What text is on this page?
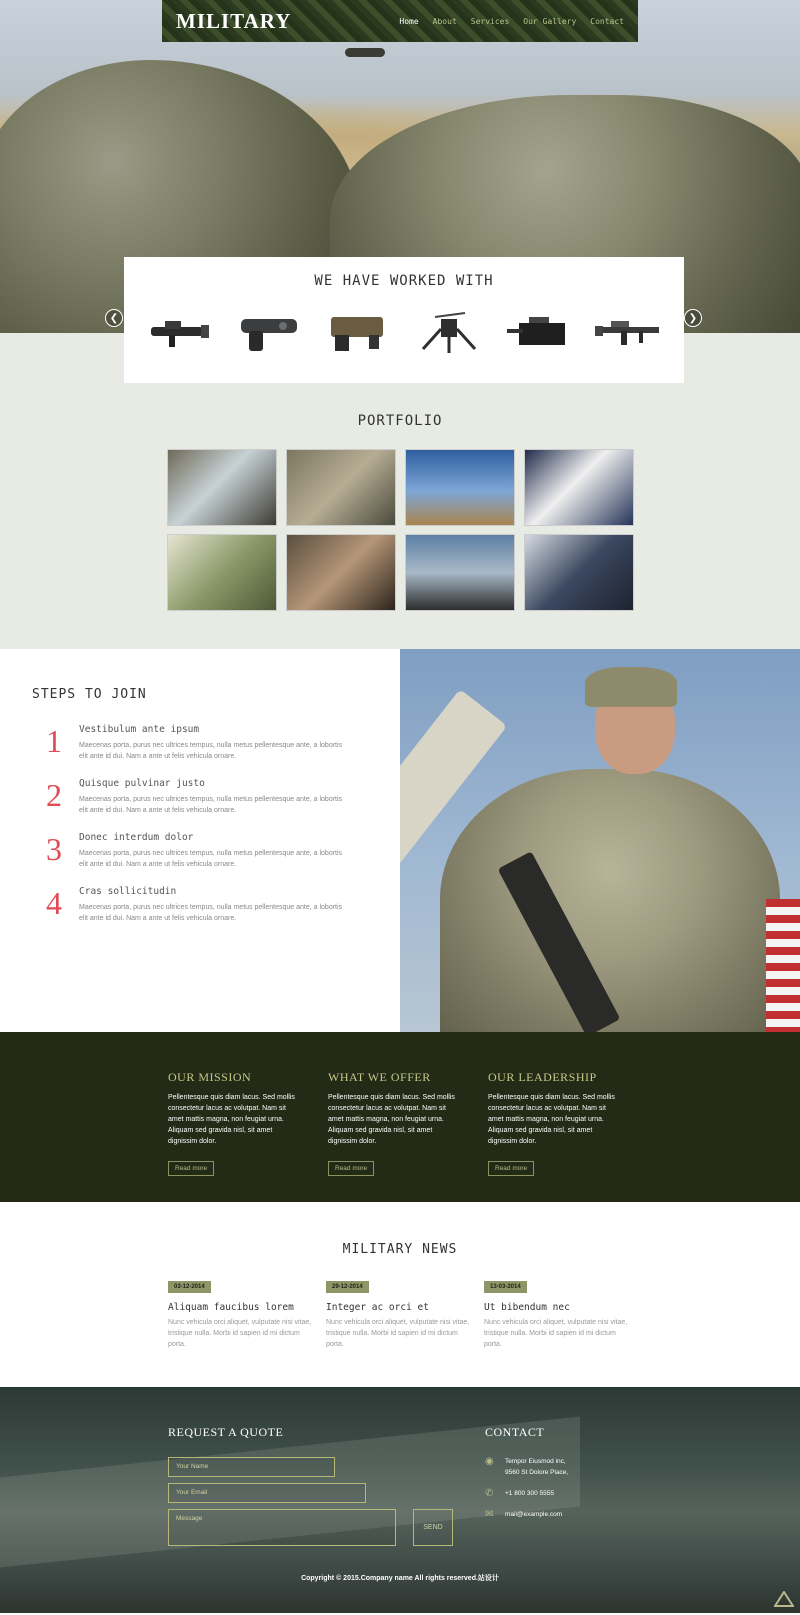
MILITARY	Home About Services Our Gallery Contact
❮	❯
WE HAVE WORKED WITH
PORTFOLIO
STEPS TO JOIN
1	Vestibulum ante ipsum
Maecenas porta, purus nec ultrices tempus, nulla metus pellentesque ante, a lobortis elit ante id dui. Nam a ante ut felis vehicula ornare.
2	Quisque pulvinar justo
Maecenas porta, purus nec ultrices tempus, nulla metus pellentesque ante, a lobortis elit ante id dui. Nam a ante ut felis vehicula ornare.
3	Donec interdum dolor
Maecenas porta, purus nec ultrices tempus, nulla metus pellentesque ante, a lobortis elit ante id dui. Nam a ante ut felis vehicula ornare.
4	Cras sollicitudin
Maecenas porta, purus nec ultrices tempus, nulla metus pellentesque ante, a lobortis elit ante id dui. Nam a ante ut felis vehicula ornare.
OUR MISSION

Pellentesque quis diam lacus. Sed mollis consectetur lacus ac volutpat. Nam sit amet mattis magna, non feugiat urna. Aliquam sed gravida nisl, sit amet dignissim dolor.

Read more
WHAT WE OFFER

Pellentesque quis diam lacus. Sed mollis consectetur lacus ac volutpat. Nam sit amet mattis magna, non feugiat urna. Aliquam sed gravida nisl, sit amet dignissim dolor.

Read more
OUR LEADERSHIP

Pellentesque quis diam lacus. Sed mollis consectetur lacus ac volutpat. Nam sit amet mattis magna, non feugiat urna. Aliquam sed gravida nisl, sit amet dignissim dolor.

Read more
MILITARY NEWS
03-12-2014
Aliquam faucibus lorem
Nunc vehicula orci aliquet, vulputate nisi vitae, tristique nulla. Morbi id sapien id mi dictum porta.
29-12-2014
Integer ac orci et
Nunc vehicula orci aliquet, vulputate nisi vitae, tristique nulla. Morbi id sapien id mi dictum porta.
13-03-2014
Ut bibendum nec
Nunc vehicula orci aliquet, vulputate nisi vitae, tristique nulla. Morbi id sapien id mi dictum porta.
REQUEST A QUOTE
Your Name
Your Email
Message
SEND
CONTACT
◉	Tempor Eiusmod inc,
9560 St Dolore Place,
✆	+1 800 300 5555
✉	mail@example.com
Copyright © 2015.Company name All rights reserved.站设计
